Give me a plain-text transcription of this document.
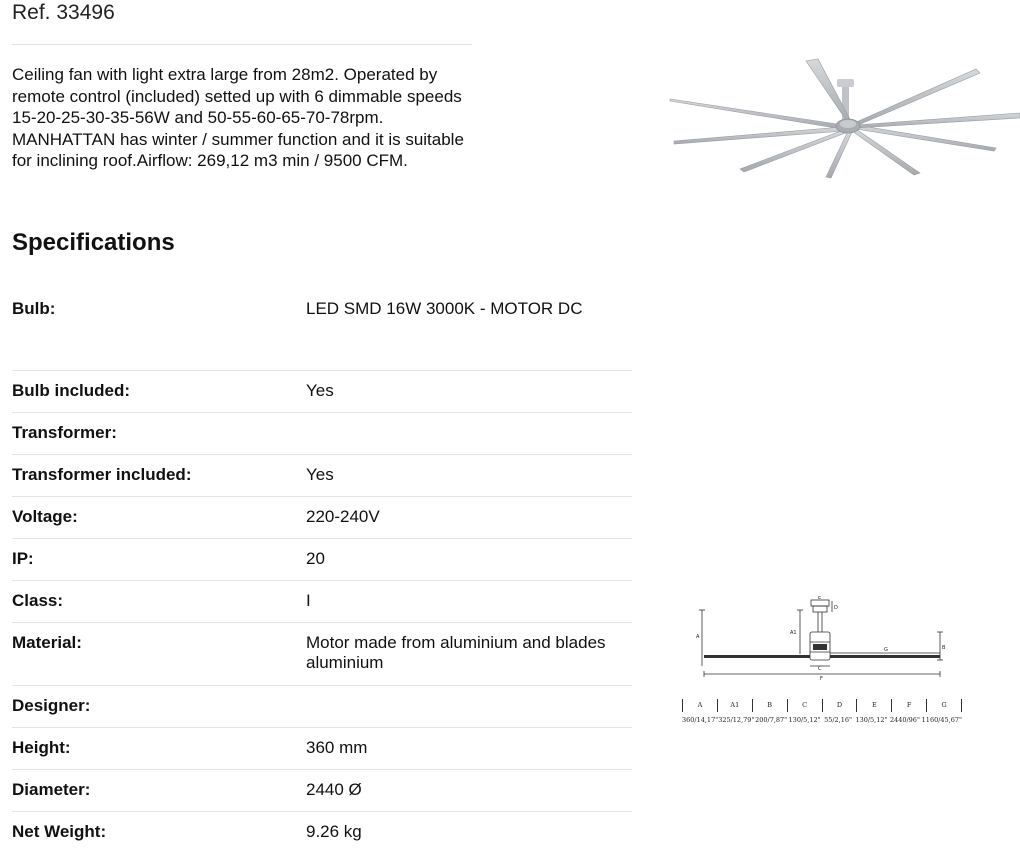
Ref. 33496

Ceiling fan with light extra large from 28m2. Operated by remote control (included) setted up with 6 dimmable speeds 15-20-25-30-35-56W and 50-55-60-65-70-78rpm. MANHATTAN has winter / summer function and it is suitable for inclining roof.Airflow: 269,12 m3 min / 9500 CFM.

Specifications
Bulb:	LED SMD 16W 3000K - MOTOR DC
Bulb included:	Yes
Transformer:
Transformer included:	Yes
Voltage:	220-240V
IP:	20
Class:	I
Material:	Motor made from aluminium and blades aluminium
Designer:
Height:	360 mm
Diameter:	2440 Ø
Net Weight:	9.26 kg
A
A1
B
C
D
E
F
G
A	A1	B	C	D	E	F	G
360/14,17" 325/12,79" 200/7,87" 130/5,12" 55/2,16" 130/5,12" 2440/96" 1160/45,67"
